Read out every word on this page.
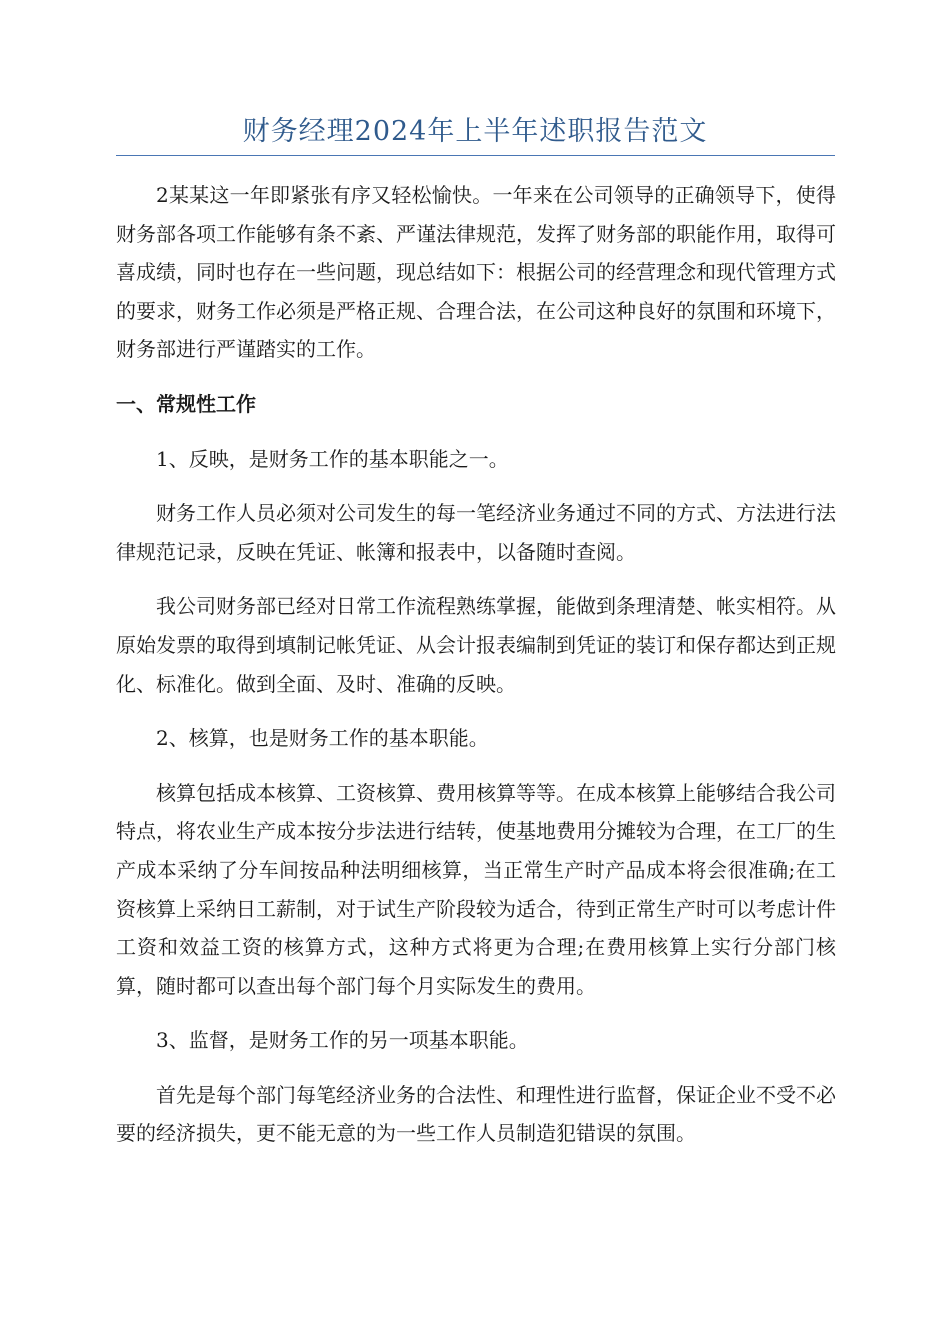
财务经理2024年上半年述职报告范文

2某某这一年即紧张有序又轻松愉快。一年来在公司领导的正确领导下，使得财务部各项工作能够有条不紊、严谨法律规范，发挥了财务部的职能作用，取得可喜成绩，同时也存在一些问题，现总结如下：根据公司的经营理念和现代管理方式的要求，财务工作必须是严格正规、合理合法，在公司这种良好的氛围和环境下，财务部进行严谨踏实的工作。

一、常规性工作

1、反映，是财务工作的基本职能之一。

财务工作人员必须对公司发生的每一笔经济业务通过不同的方式、方法进行法律规范记录，反映在凭证、帐簿和报表中，以备随时查阅。

我公司财务部已经对日常工作流程熟练掌握，能做到条理清楚、帐实相符。从原始发票的取得到填制记帐凭证、从会计报表编制到凭证的装订和保存都达到正规化、标准化。做到全面、及时、准确的反映。

2、核算，也是财务工作的基本职能。

核算包括成本核算、工资核算、费用核算等等。在成本核算上能够结合我公司特点，将农业生产成本按分步法进行结转，使基地费用分摊较为合理，在工厂的生产成本采纳了分车间按品种法明细核算，当正常生产时产品成本将会很准确;在工资核算上采纳日工薪制，对于试生产阶段较为适合，待到正常生产时可以考虑计件工资和效益工资的核算方式，这种方式将更为合理;在费用核算上实行分部门核算，随时都可以查出每个部门每个月实际发生的费用。

3、监督，是财务工作的另一项基本职能。

首先是每个部门每笔经济业务的合法性、和理性进行监督，保证企业不受不必要的经济损失，更不能无意的为一些工作人员制造犯错误的氛围。
